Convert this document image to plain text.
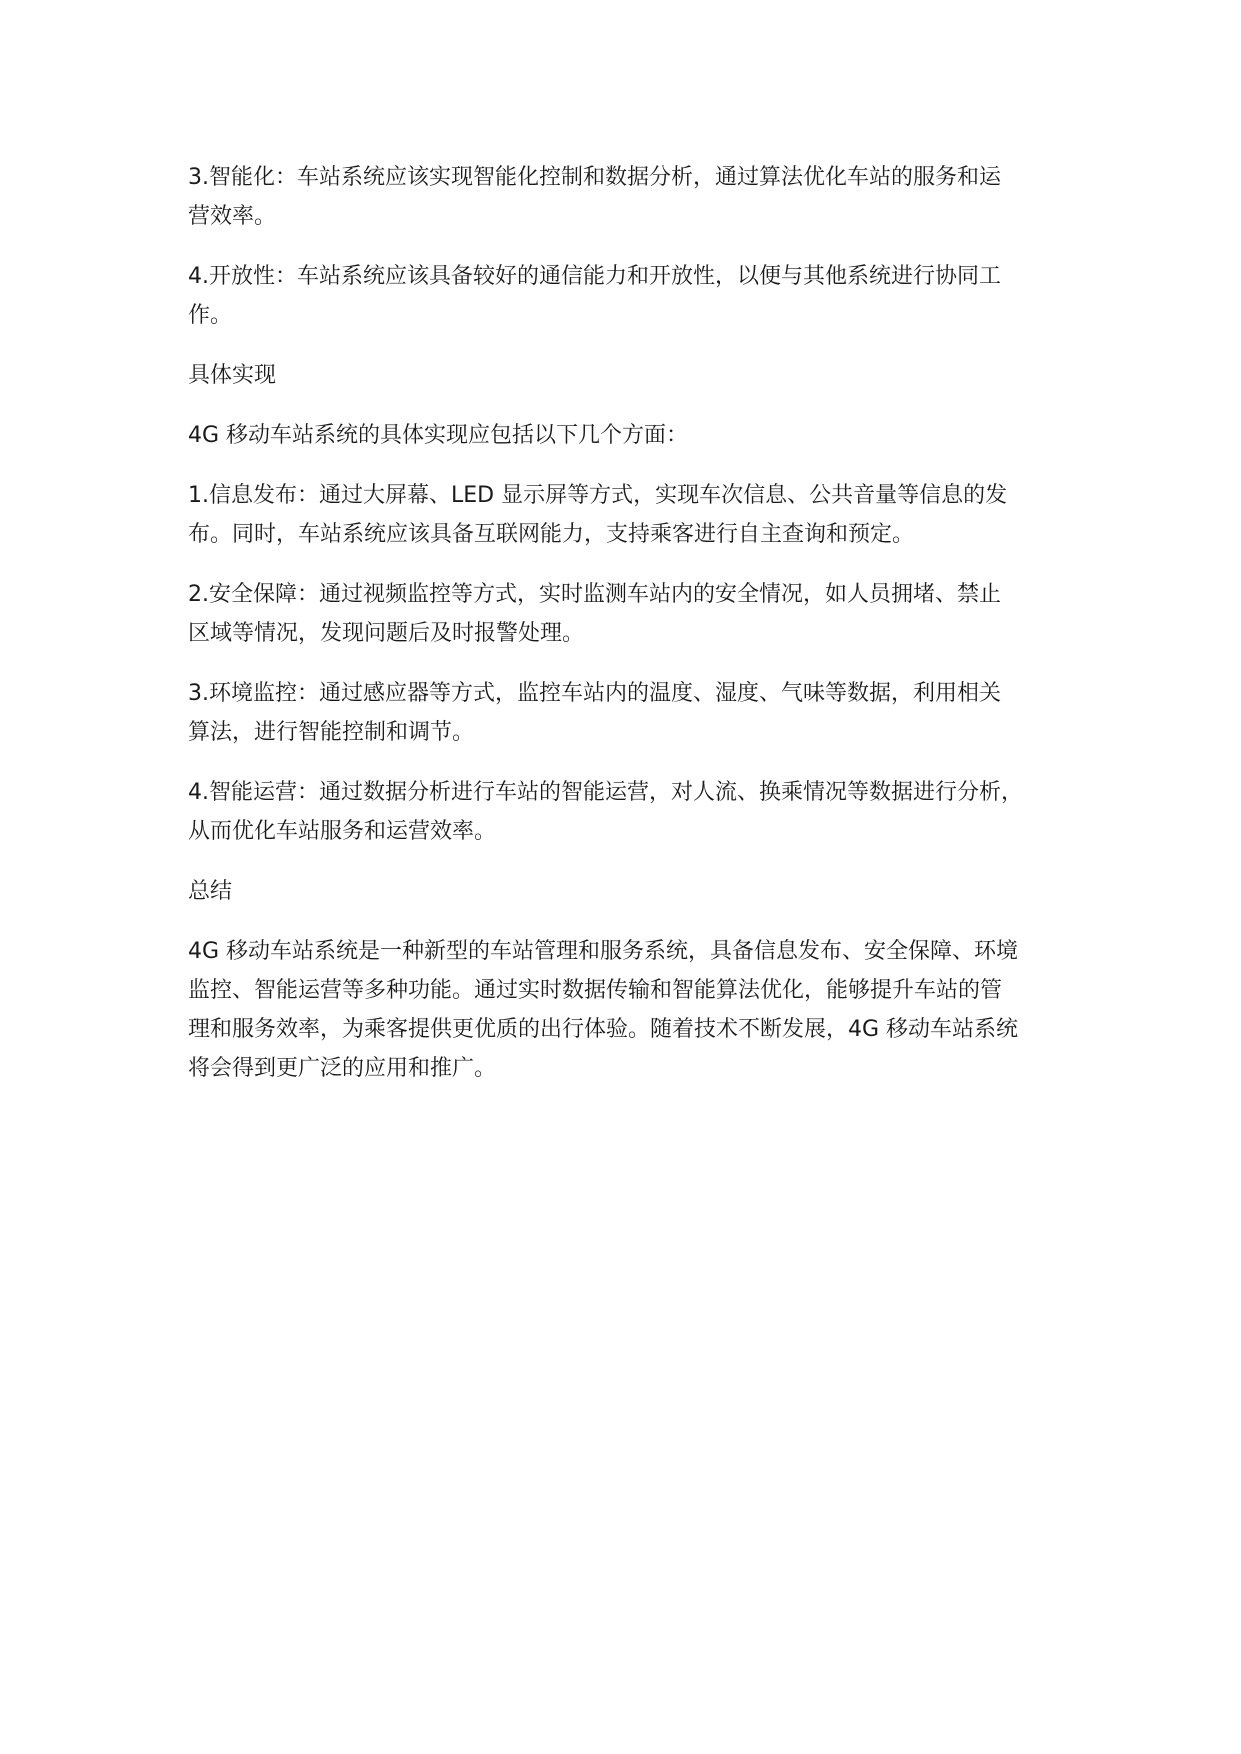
3.智能化：车站系统应该实现智能化控制和数据分析，通过算法优化车站的服务和运
营效率。
4.开放性：车站系统应该具备较好的通信能力和开放性，以便与其他系统进行协同工
作。
具体实现
4G 移动车站系统的具体实现应包括以下几个方面：
1.信息发布：通过大屏幕、LED 显示屏等方式，实现车次信息、公共音量等信息的发
布。同时，车站系统应该具备互联网能力，支持乘客进行自主查询和预定。
2.安全保障：通过视频监控等方式，实时监测车站内的安全情况，如人员拥堵、禁止
区域等情况，发现问题后及时报警处理。
3.环境监控：通过感应器等方式，监控车站内的温度、湿度、气味等数据，利用相关
算法，进行智能控制和调节。
4.智能运营：通过数据分析进行车站的智能运营，对人流、换乘情况等数据进行分析，
从而优化车站服务和运营效率。
总结
4G 移动车站系统是一种新型的车站管理和服务系统，具备信息发布、安全保障、环境
监控、智能运营等多种功能。通过实时数据传输和智能算法优化，能够提升车站的管
理和服务效率，为乘客提供更优质的出行体验。随着技术不断发展，4G 移动车站系统
将会得到更广泛的应用和推广。
